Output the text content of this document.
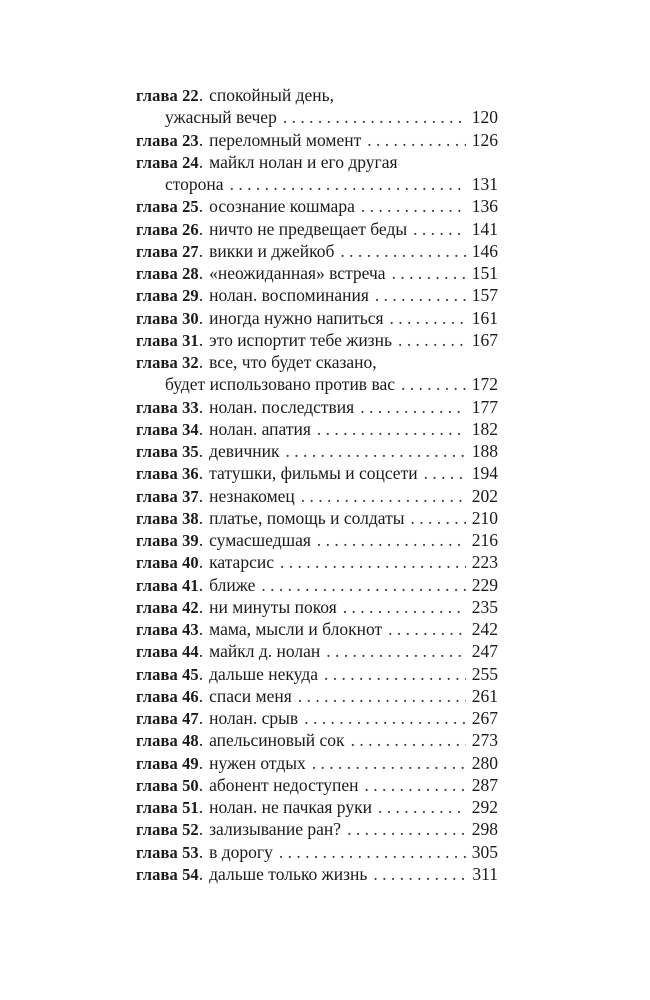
глава 22 . спокойный день,
ужасный вечер . . .	120
глава 23 . переломный момент . . .	126
глава 24 . майкл нолан и его другая
сторона . . .	131
глава 25 . осознание кошмара . . .	136
глава 26 . ничто не предвещает беды . . .	141
глава 27 . викки и джейкоб . . .	146
глава 28 . «неожиданная» встреча . . .	151
глава 29 . нолан. воспоминания . . .	157
глава 30 . иногда нужно напиться . . .	161
глава 31 . это испортит тебе жизнь . . .	167
глава 32 . все, что будет сказано,
будет использовано против вас . . .	172
глава 33 . нолан. последствия . . .	177
глава 34 . нолан. апатия . . .	182
глава 35 . девичник . . .	188
глава 36 . татушки, фильмы и соцсети . . .	194
глава 37 . незнакомец . . .	202
глава 38 . платье, помощь и солдаты . . .	210
глава 39 . сумасшедшая . . .	216
глава 40 . катарсис . . .	223
глава 41 . ближе . . .	229
глава 42 . ни минуты покоя . . .	235
глава 43 . мама, мысли и блокнот . . .	242
глава 44 . майкл д. нолан . . .	247
глава 45 . дальше некуда . . .	255
глава 46 . спаси меня . . .	261
глава 47 . нолан. срыв . . .	267
глава 48 . апельсиновый сок . . .	273
глава 49 . нужен отдых . . .	280
глава 50 . абонент недоступен . . .	287
глава 51 . нолан. не пачкая руки . . .	292
глава 52 . зализывание ран? . . .	298
глава 53 . в дорогу . . .	305
глава 54 . дальше только жизнь . . .	311
